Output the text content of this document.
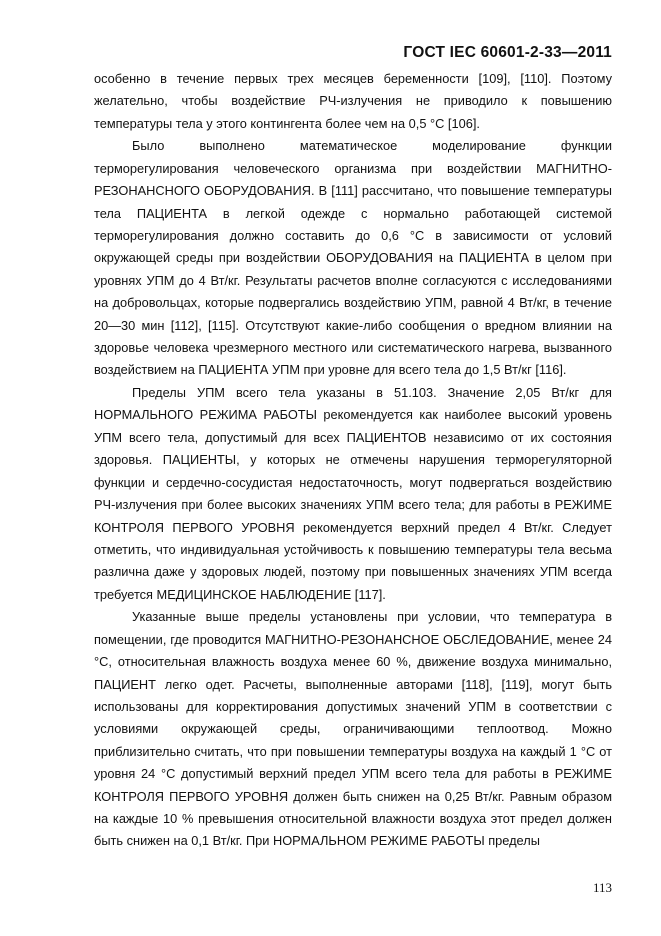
ГОСТ IEC 60601-2-33—2011

особенно в течение первых трех месяцев беременности [109], [110]. Поэтому желательно, чтобы воздействие РЧ-излучения не приводило к повышению температуры тела у этого контингента более чем на 0,5 °С [106].

Было выполнено математическое моделирование функции терморегулирования человеческого организма при воздействии МАГНИТНО-РЕЗОНАНСНОГО ОБОРУДОВАНИЯ. В [111] рассчитано, что повышение температуры тела ПАЦИЕНТА в легкой одежде с нормально работающей системой терморегулирования должно составить до 0,6 °С в зависимости от условий окружающей среды при воздействии ОБОРУДОВАНИЯ на ПАЦИЕНТА в целом при уровнях УПМ до 4 Вт/кг. Результаты расчетов вполне согласуются с исследованиями на добровольцах, которые подвергались воздействию УПМ, равной 4 Вт/кг, в течение 20—30 мин [112], [115]. Отсутствуют какие-либо сообщения о вредном влиянии на здоровье человека чрезмерного местного или систематического нагрева, вызванного воздействием на ПАЦИЕНТА УПМ при уровне для всего тела до 1,5 Вт/кг [116].

Пределы УПМ всего тела указаны в 51.103. Значение 2,05 Вт/кг для НОРМАЛЬНОГО РЕЖИМА РАБОТЫ рекомендуется как наиболее высокий уровень УПМ всего тела, допустимый для всех ПАЦИЕНТОВ независимо от их состояния здоровья. ПАЦИЕНТЫ, у которых не отмечены нарушения терморегуляторной функции и сердечно-сосудистая недостаточность, могут подвергаться воздействию РЧ-излучения при более высоких значениях УПМ всего тела; для работы в РЕЖИМЕ КОНТРОЛЯ ПЕРВОГО УРОВНЯ рекомендуется верхний предел 4 Вт/кг. Следует отметить, что индивидуальная устойчивость к повышению температуры тела весьма различна даже у здоровых людей, поэтому при повышенных значениях УПМ всегда требуется МЕДИЦИНСКОЕ НАБЛЮДЕНИЕ [117].

Указанные выше пределы установлены при условии, что температура в помещении, где проводится МАГНИТНО-РЕЗОНАНСНОЕ ОБСЛЕДОВАНИЕ, менее 24 °С, относительная влажность воздуха менее 60 %, движение воздуха минимально, ПАЦИЕНТ легко одет. Расчеты, выполненные авторами [118], [119], могут быть использованы для корректирования допустимых значений УПМ в соответствии с условиями окружающей среды, ограничивающими теплоотвод. Можно приблизительно считать, что при повышении температуры воздуха на каждый 1 °С от уровня 24 °С допустимый верхний предел УПМ всего тела для работы в РЕЖИМЕ КОНТРОЛЯ ПЕРВОГО УРОВНЯ должен быть снижен на 0,25 Вт/кг. Равным образом на каждые 10 % превышения относительной влажности воздуха этот предел должен быть снижен на 0,1 Вт/кг. При НОРМАЛЬНОМ РЕЖИМЕ РАБОТЫ пределы

113
